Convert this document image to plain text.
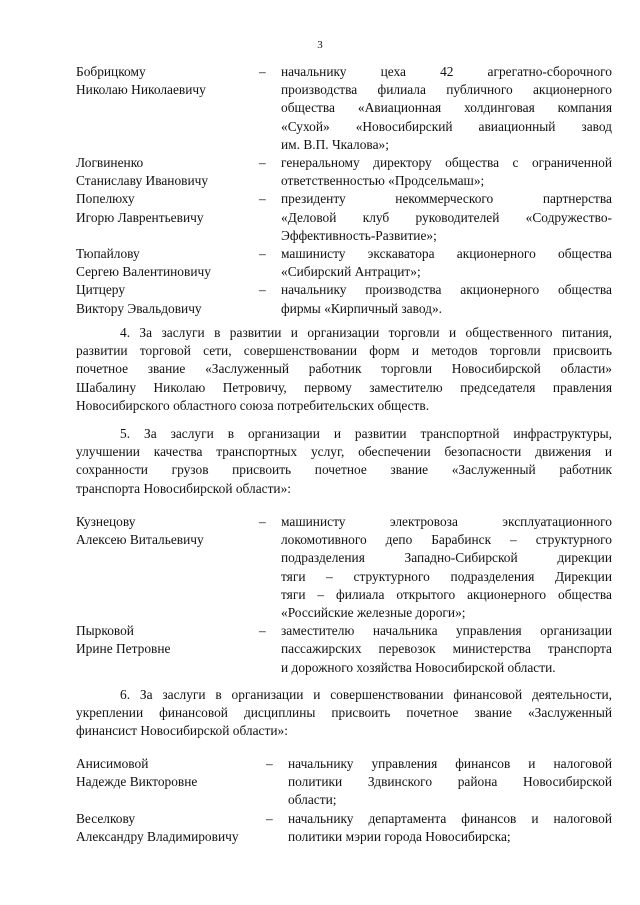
3
Бобрицкому
Николаю Николаевичу
– начальнику цеха 42 агрегатно-сборочного
производства филиала публичного акционерного
общества «Авиационная холдинговая компания
«Сухой» «Новосибирский авиационный завод
им. В.П. Чкалова»;
Логвиненко
Станиславу Ивановичу
– генеральному директору общества с ограниченной
ответственностью «Продсельмаш»;
Попелюху
Игорю Лаврентьевичу
– президенту некоммерческого партнерства
«Деловой клуб руководителей «Содружество-
Эффективность-Развитие»;
Тюпайлову
Сергею Валентиновичу
– машинисту экскаватора акционерного общества
«Сибирский Антрацит»;
Цитцеру
Виктору Эвальдовичу
– начальнику производства акционерного общества
фирмы «Кирпичный завод».
4. За заслуги в развитии и организации торговли и общественного питания,
развитии торговой сети, совершенствовании форм и методов торговли присвоить
почетное звание «Заслуженный работник торговли Новосибирской области»
Шабалину Николаю Петровичу, первому заместителю председателя правления
Новосибирского областного союза потребительских обществ.
5. За заслуги в организации и развитии транспортной инфраструктуры,
улучшении качества транспортных услуг, обеспечении безопасности движения и
сохранности грузов присвоить почетное звание «Заслуженный работник
транспорта Новосибирской области»:
Кузнецову
Алексею Витальевичу
– машинисту электровоза эксплуатационного
локомотивного депо Барабинск – структурного
подразделения Западно-Сибирской дирекции
тяги – структурного подразделения Дирекции
тяги – филиала открытого акционерного общества
«Российские железные дороги»;
Пырковой
Ирине Петровне
– заместителю начальника управления организации
пассажирских перевозок министерства транспорта
и дорожного хозяйства Новосибирской области.
6. За заслуги в организации и совершенствовании финансовой деятельности,
укреплении финансовой дисциплины присвоить почетное звание «Заслуженный
финансист Новосибирской области»:
Анисимовой
Надежде Викторовне
– начальнику управления финансов и налоговой
политики Здвинского района Новосибирской
области;
Веселкову
Александру Владимировичу
– начальнику департамента финансов и налоговой
политики мэрии города Новосибирска;
